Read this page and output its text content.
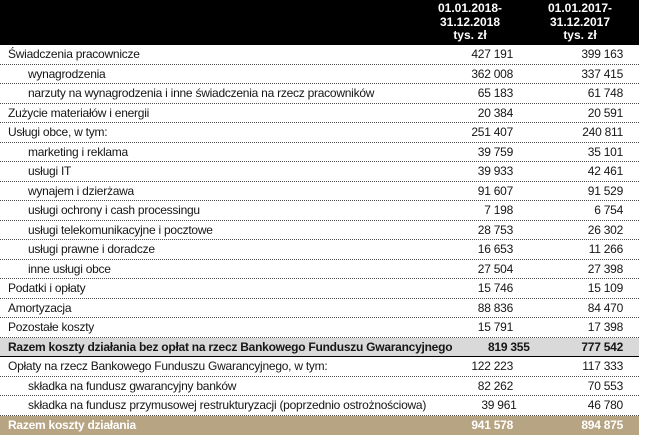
01.01.2018-
31.12.2018
tys. zł
01.01.2017-
31.12.2017
tys. zł
Świadczenia pracownicze	427 191	399 163
wynagrodzenia	362 008	337 415
narzuty na wynagrodzenia i inne świadczenia na rzecz pracowników	65 183	61 748
Zużycie materiałów i energii	20 384	20 591
Usługi obce, w tym:	251 407	240 811
marketing i reklama	39 759	35 101
usługi IT	39 933	42 461
wynajem i dzierżawa	91 607	91 529
usługi ochrony i cash processingu	7 198	6 754
usługi telekomunikacyjne i pocztowe	28 753	26 302
usługi prawne i doradcze	16 653	11 266
inne usługi obce	27 504	27 398
Podatki i opłaty	15 746	15 109
Amortyzacja	88 836	84 470
Pozostałe koszty	15 791	17 398
Razem koszty działania bez opłat na rzecz Bankowego Funduszu Gwarancyjnego	819 355	777 542
Opłaty na rzecz Bankowego Funduszu Gwarancyjnego, w tym:	122 223	117 333
składka na fundusz gwarancyjny banków	82 262	70 553
składka na fundusz przymusowej restrukturyzacji (poprzednio ostrożnościowa)	39 961	46 780
Razem koszty działania	941 578	894 875
